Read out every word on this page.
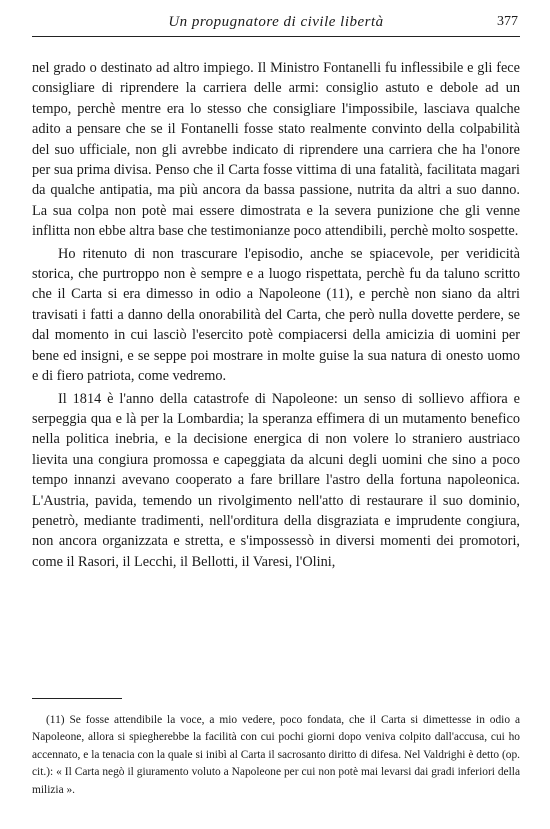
Un propugnatore di civile libertà	377

nel grado o destinato ad altro impiego. Il Ministro Fontanelli fu inflessibile e gli fece consigliare di riprendere la carriera delle armi: consiglio astuto e debole ad un tempo, perchè mentre era lo stesso che consigliare l'impossibile, lasciava qualche adito a pensare che se il Fontanelli fosse stato realmente convinto della colpabilità del suo ufficiale, non gli avrebbe indicato di riprendere una carriera che ha l'onore per sua prima divisa. Penso che il Carta fosse vittima di una fatalità, facilitata magari da qualche antipatia, ma più ancora da bassa passione, nutrita da altri a suo danno. La sua colpa non potè mai essere dimostrata e la severa punizione che gli venne inflitta non ebbe altra base che testimonianze poco attendibili, perchè molto sospette.

Ho ritenuto di non trascurare l'episodio, anche se spiacevole, per veridicità storica, che purtroppo non è sempre e a luogo rispettata, perchè fu da taluno scritto che il Carta si era dimesso in odio a Napoleone (11), e perchè non siano da altri travisati i fatti a danno della onorabilità del Carta, che però nulla dovette perdere, se dal momento in cui lasciò l'esercito potè compiacersi della amicizia di uomini per bene ed insigni, e se seppe poi mostrare in molte guise la sua natura di onesto uomo e di fiero patriota, come vedremo.

Il 1814 è l'anno della catastrofe di Napoleone: un senso di sollievo affiora e serpeggia qua e là per la Lombardia; la speranza effimera di un mutamento benefico nella politica inebria, e la decisione energica di non volere lo straniero austriaco lievita una congiura promossa e capeggiata da alcuni degli uomini che sino a poco tempo innanzi avevano cooperato a fare brillare l'astro della fortuna napoleonica. L'Austria, pavida, temendo un rivolgimento nell'atto di restaurare il suo dominio, penetrò, mediante tradimenti, nell'orditura della disgraziata e imprudente congiura, non ancora organizzata e stretta, e s'impossessò in diversi momenti dei promotori, come il Rasori, il Lecchi, il Bellotti, il Varesi, l'Olini,

(11) Se fosse attendibile la voce, a mio vedere, poco fondata, che il Carta si dimettesse in odio a Napoleone, allora si spiegherebbe la facilità con cui pochi giorni dopo veniva colpito dall'accusa, cui ho accennato, e la tenacia con la quale si inibì al Carta il sacrosanto diritto di difesa. Nel Valdrighi è detto (op. cit.): « Il Carta negò il giuramento voluto a Napoleone per cui non potè mai levarsi dai gradi inferiori della milizia ».
